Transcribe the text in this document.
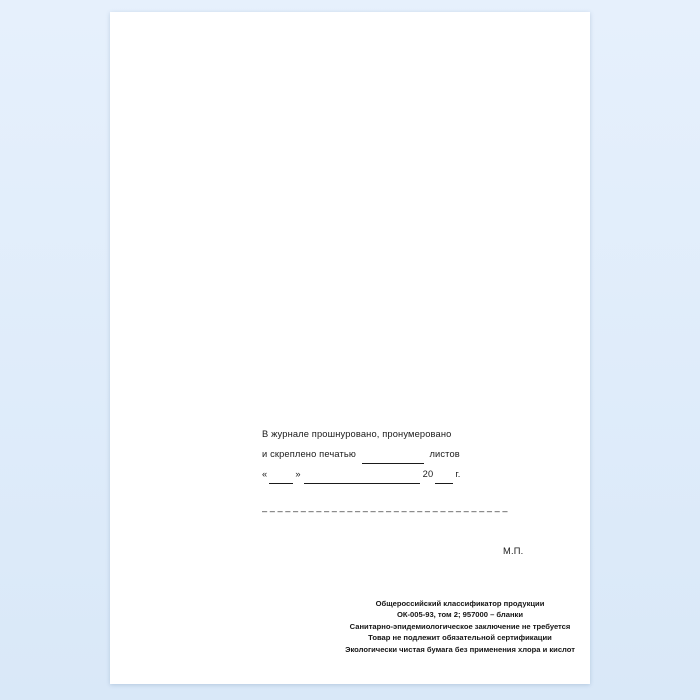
В журнале прошнуровано, пронумеровано
и скреплено печатью	листов
«	»	20 г.
– – – – – – – – – – – – – – – – – – – – – – – – – – – – – – – –
М.П.
Общероссийский классификатор продукции
ОК-005-93, том 2; 957000 – бланки
Санитарно-эпидемиологическое заключение не требуется
Товар не подлежит обязательной сертификации
Экологически чистая бумага без применения хлора и кислот
